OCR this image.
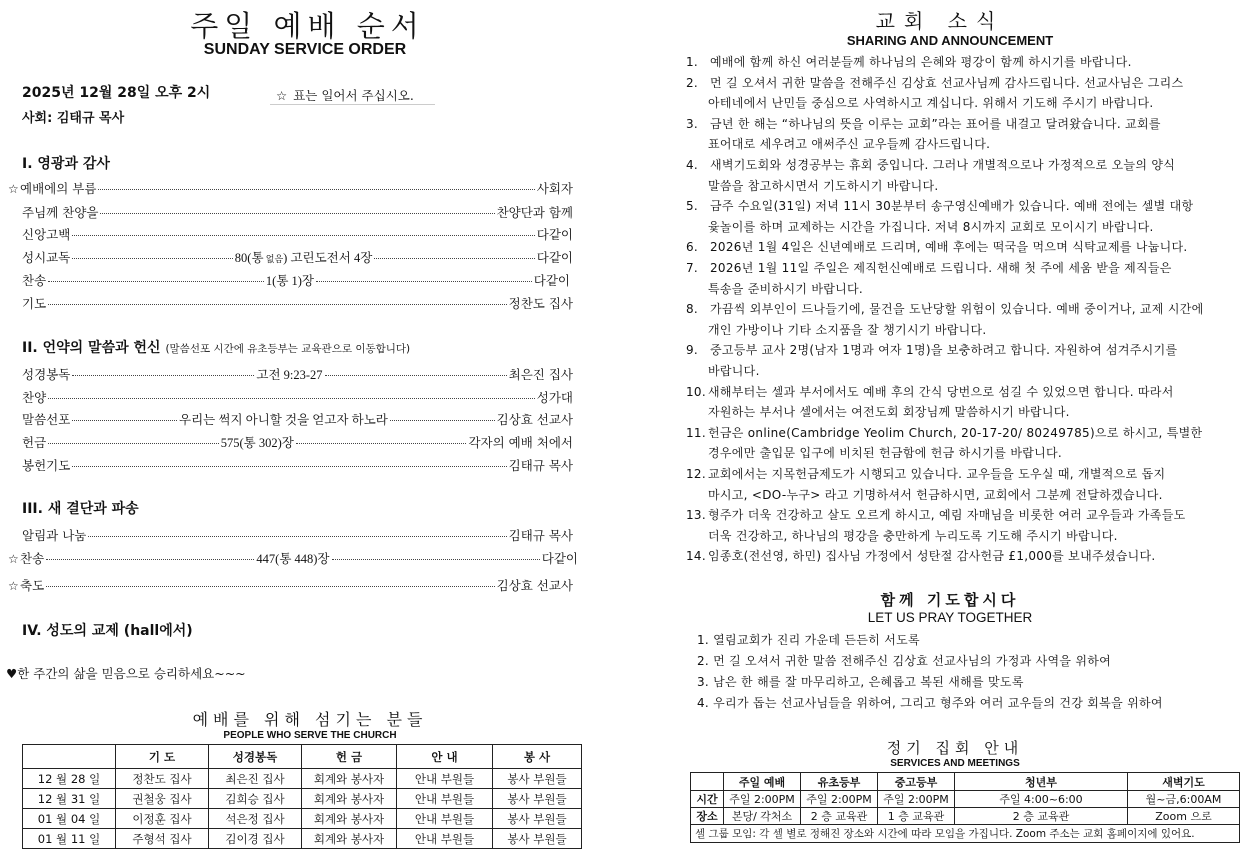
주일 예배 순서
SUNDAY SERVICE ORDER
2025년 12월 28일 오후 2시	☆ 표는 일어서 주십시오.
사회: 김태규 목사
I. 영광과 감사
II. 언약의 말씀과 헌신 (말씀선포 시간에 유초등부는 교육관으로 이동합니다)
III. 새 결단과 파송
IV. 성도의 교제 (hall에서)
☆ 예배에의 부름	사회자
주님께 찬양을	찬양단과 함께
신앙고백	다같이
성시교독	80(통 없음) 고린도전서 4장	다같이
찬송	1(통 1)장	다같이
기도	정찬도 집사
성경봉독	고전 9:23-27	최은진 집사
찬양	성가대
말씀선포	우리는 썩지 아니할 것을 얻고자 하노라	김상효 선교사
헌금	575(통 302)장	각자의 예배 처에서
봉헌기도	김태규 목사
알림과 나눔	김태규 목사
☆ 찬송	447(통 448)장	다같이
☆ 축도	김상효 선교사
♥한 주간의 삶을 믿음으로 승리하세요~~~
예배를 위해 섬기는 분들
PEOPLE WHO SERVE THE CHURCH
	기 도	성경봉독	헌 금	안 내	봉 사
12 월 28 일	정찬도 집사	최은진 집사	회계와 봉사자	안내 부원들	봉사 부원들
12 월 31 일	권철웅 집사	김희승 집사	회계와 봉사자	안내 부원들	봉사 부원들
01 월 04 일	이정훈 집사	석은정 집사	회계와 봉사자	안내 부원들	봉사 부원들
01 월 11 일	주형석 집사	김이경 집사	회계와 봉사자	안내 부원들	봉사 부원들
교회 소식
SHARING AND ANNOUNCEMENT
1. 예배에 함께 하신 여러분들께 하나님의 은혜와 평강이 함께 하시기를 바랍니다.
2. 먼 길 오셔서 귀한 말씀을 전해주신 김상효 선교사님께 감사드립니다. 선교사님은 그리스
아테네에서 난민들 중심으로 사역하시고 계십니다. 위해서 기도해 주시기 바랍니다.
3. 금년 한 해는 “하나님의 뜻을 이루는 교회”라는 표어를 내걸고 달려왔습니다. 교회를
표어대로 세우려고 애써주신 교우들께 감사드립니다.
4. 새벽기도회와 성경공부는 휴회 중입니다. 그러나 개별적으로나 가정적으로 오늘의 양식
말씀을 참고하시면서 기도하시기 바랍니다.
5. 금주 수요일(31일) 저녁 11시 30분부터 송구영신예배가 있습니다. 예배 전에는 셀별 대항
윷놀이를 하며 교제하는 시간을 가집니다. 저녁 8시까지 교회로 모이시기 바랍니다.
6. 2026년 1월 4일은 신년예배로 드리며, 예배 후에는 떡국을 먹으며 식탁교제를 나눕니다.
7. 2026년 1월 11일 주일은 제직헌신예배로 드립니다. 새해 첫 주에 세움 받을 제직들은
특송을 준비하시기 바랍니다.
8. 가끔씩 외부인이 드나들기에, 물건을 도난당할 위험이 있습니다. 예배 중이거나, 교제 시간에
개인 가방이나 기타 소지품을 잘 챙기시기 바랍니다.
9. 중고등부 교사 2명(남자 1명과 여자 1명)을 보충하려고 합니다. 자원하여 섬겨주시기를
바랍니다.
10. 새해부터는 셀과 부서에서도 예배 후의 간식 당번으로 섬길 수 있었으면 합니다. 따라서
자원하는 부서나 셀에서는 여전도회 회장님께 말씀하시기 바랍니다.
11. 헌금은 online(Cambridge Yeolim Church, 20-17-20/ 80249785)으로 하시고, 특별한
경우에만 출입문 입구에 비치된 헌금함에 헌금 하시기를 바랍니다.
12. 교회에서는 지목헌금제도가 시행되고 있습니다. 교우들을 도우실 때, 개별적으로 돕지
마시고, <DO-누구> 라고 기명하셔서 헌금하시면, 교회에서 그분께 전달하겠습니다.
13. 형주가 더욱 건강하고 살도 오르게 하시고, 예림 자매님을 비롯한 여러 교우들과 가족들도
더욱 건강하고, 하나님의 평강을 충만하게 누리도록 기도해 주시기 바랍니다.
14. 임종호(전선영, 하민) 집사님 가정에서 성탄절 감사헌금 £1,000를 보내주셨습니다.
함께 기도합시다
LET US PRAY TOGETHER
1. 열림교회가 진리 가운데 든든히 서도록
2. 먼 길 오셔서 귀한 말씀 전해주신 김상효 선교사님의 가정과 사역을 위하여
3. 남은 한 해를 잘 마무리하고, 은혜롭고 복된 새해를 맞도록
4. 우리가 돕는 선교사님들을 위하여, 그리고 형주와 여러 교우들의 건강 회복을 위하여
정기 집회 안내
SERVICES AND MEETINGS
	주일 예배	유초등부	중고등부	청년부	새벽기도
시간	주일 2:00PM	주일 2:00PM	주일 2:00PM	주일 4:00~6:00	월~금,6:00AM
장소	본당/ 각처소	2 층 교육관	1 층 교육관	2 층 교육관	Zoom 으로
셀 그룹 모임: 각 셀 별로 정해진 장소와 시간에 따라 모임을 가집니다. Zoom 주소는 교회 홈페이지에 있어요.					
